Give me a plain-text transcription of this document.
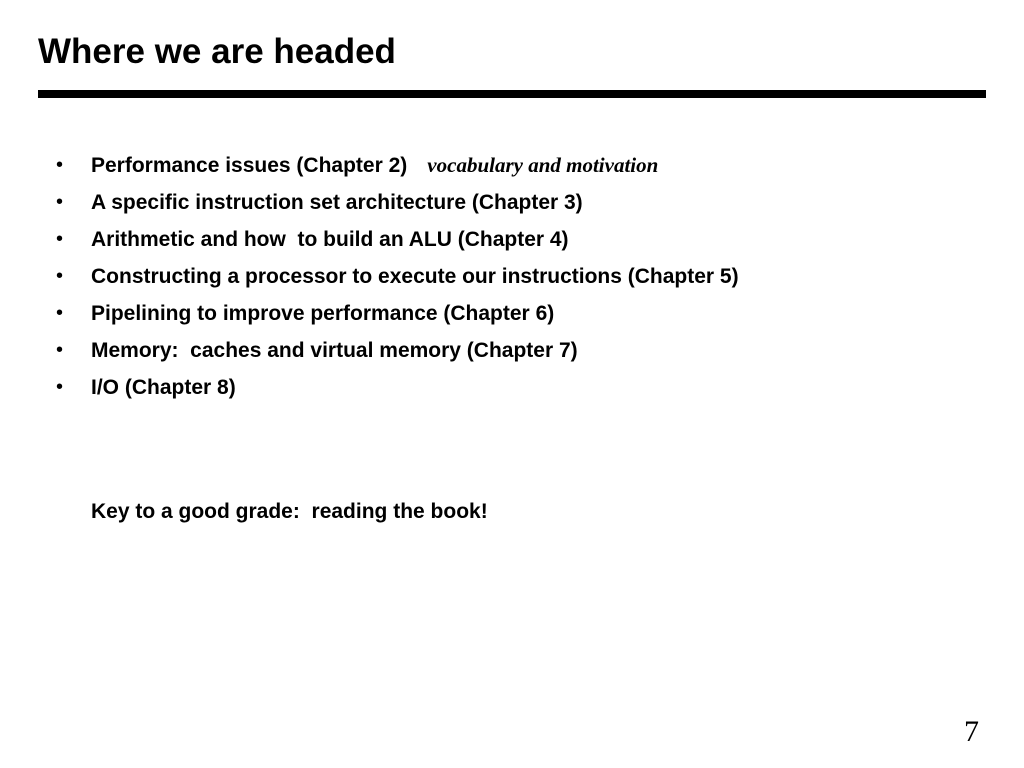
Where we are headed
• Performance issues (Chapter 2) vocabulary and motivation
• A specific instruction set architecture (Chapter 3)
• Arithmetic and how  to build an ALU (Chapter 4)
• Constructing a processor to execute our instructions (Chapter 5)
• Pipelining to improve performance (Chapter 6)
• Memory:  caches and virtual memory (Chapter 7)
• I/O (Chapter 8)

Key to a good grade:  reading the book!

7
